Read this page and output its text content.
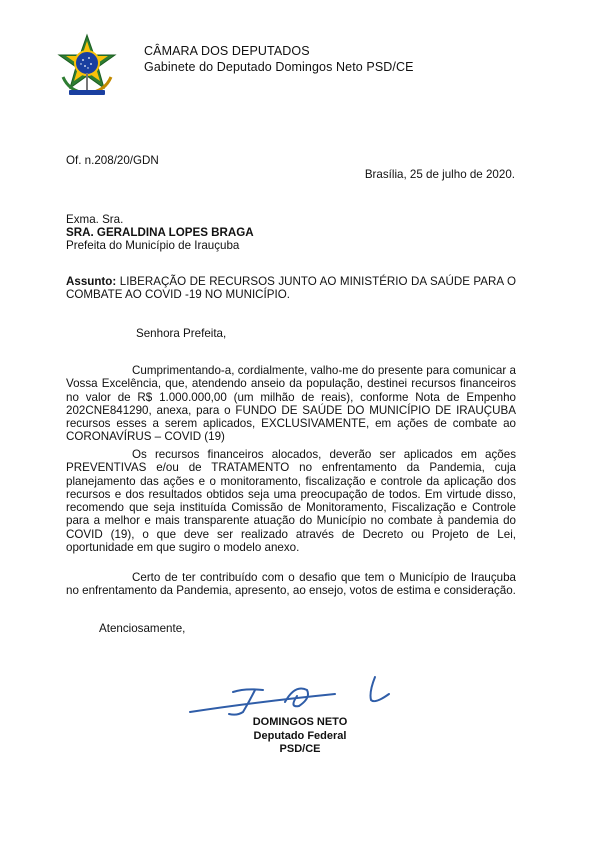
CÂMARA DOS DEPUTADOS
Gabinete do Deputado Domingos Neto PSD/CE
Of. n.208/20/GDN
Brasília, 25 de julho de 2020.
Exma. Sra.
SRA. GERALDINA LOPES BRAGA
Prefeita do Município de Irauçuba
Assunto: LIBERAÇÃO DE RECURSOS JUNTO AO MINISTÉRIO DA SAÚDE PARA O COMBATE AO COVID -19 NO MUNICÍPIO.
Senhora Prefeita,
Cumprimentando-a, cordialmente, valho-me do presente para comunicar a Vossa Excelência, que, atendendo anseio da população, destinei recursos financeiros no valor de R$ 1.000.000,00 (um milhão de reais), conforme Nota de Empenho 202CNE841290, anexa, para o FUNDO DE SAÚDE DO MUNICÍPIO DE IRAUÇUBA recursos esses a serem aplicados, EXCLUSIVAMENTE, em ações de combate ao CORONAVÍRUS – COVID (19)
Os recursos financeiros alocados, deverão ser aplicados em ações PREVENTIVAS e/ou de TRATAMENTO no enfrentamento da Pandemia, cuja planejamento das ações e o monitoramento, fiscalização e controle da aplicação dos recursos e dos resultados obtidos seja uma preocupação de todos. Em virtude disso, recomendo que seja instituída Comissão de Monitoramento, Fiscalização e Controle para a melhor e mais transparente atuação do Município no combate à pandemia do COVID (19), o que deve ser realizado através de Decreto ou Projeto de Lei, oportunidade em que sugiro o modelo anexo.
Certo de ter contribuído com o desafio que tem o Município de Irauçuba no enfrentamento da Pandemia, apresento, ao ensejo, votos de estima e consideração.
Atenciosamente,
DOMINGOS NETO
Deputado Federal
PSD/CE
